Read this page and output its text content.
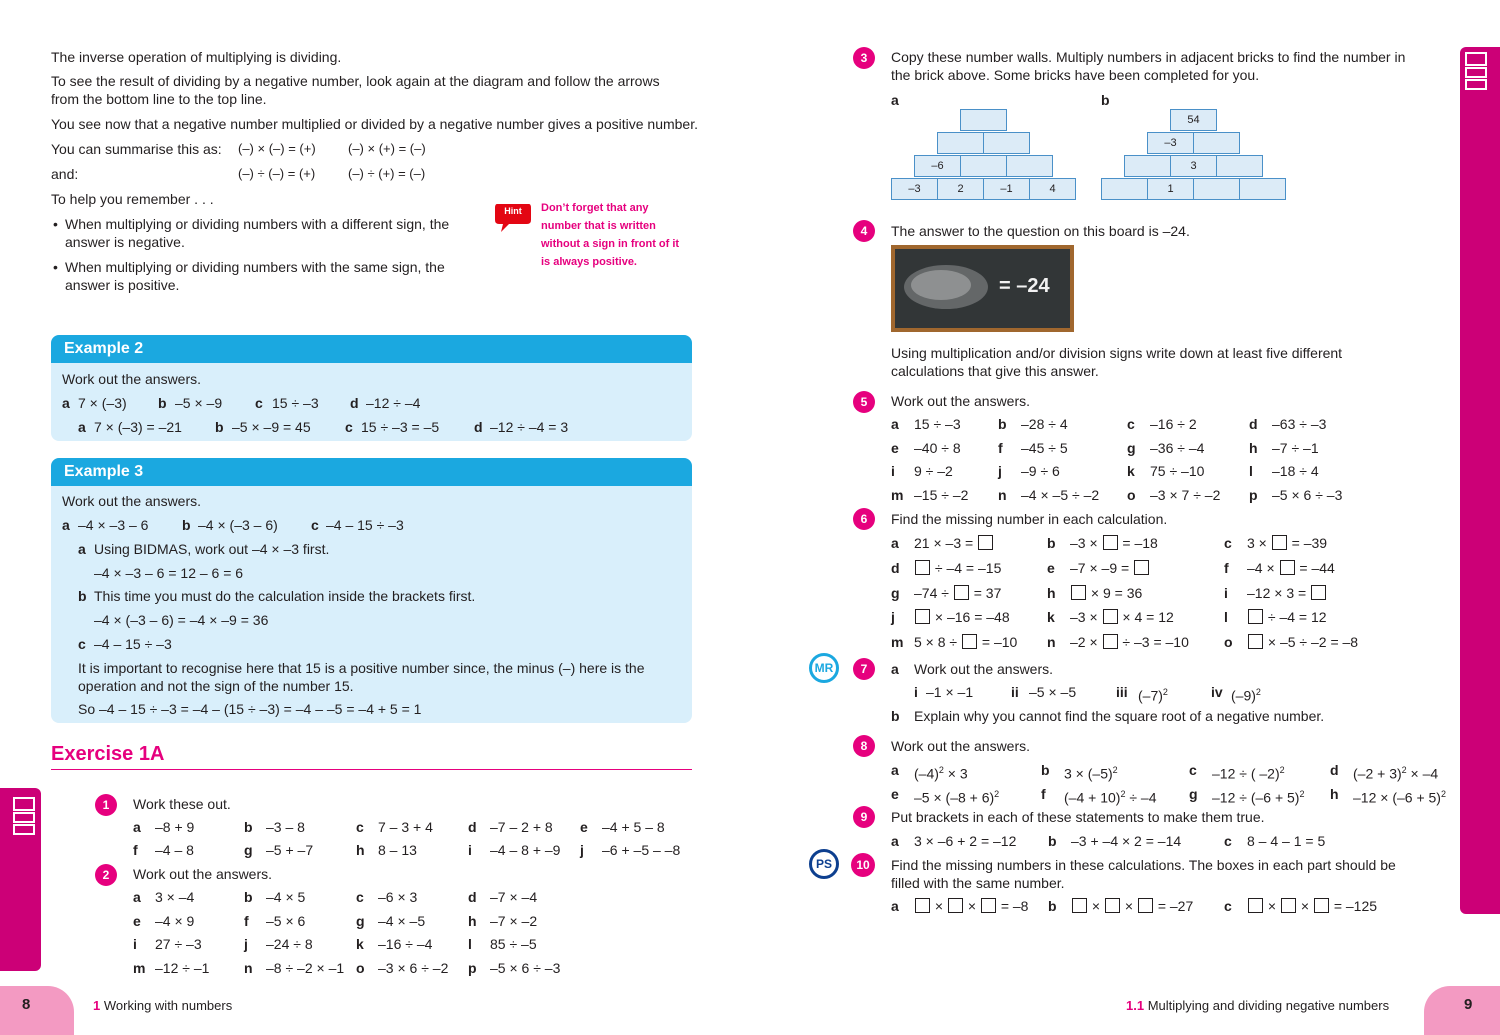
The inverse operation of multiplying is dividing.
To see the result of dividing by a negative number, look again at the diagram and follow the arrows
from the bottom line to the top line.
You see now that a negative number multiplied or divided by a negative number gives a positive number.
You can summarise this as: (–) × (–) = (+) (–) × (+) = (–)
and:	(–) ÷ (–) = (+)	(–) ÷ (+) = (–)
To help you remember . . .
• When multiplying or dividing numbers with a different sign, the
answer is negative.
• When multiplying or dividing numbers with the same sign, the
answer is positive.
Hint	Don’t forget that any
number that is written
without a sign in front of it
is always positive.
Example 2
Work out the answers.
a 7 × (–3) b –5 × –9 c 15 ÷ –3 d –12 ÷ –4
a 7 × (–3) = –21 b –5 × –9 = 45 c 15 ÷ –3 = –5 d –12 ÷ –4 = 3
Example 3
Work out the answers.
a –4 × –3 – 6 b –4 × (–3 – 6) c –4 – 15 ÷ –3
a Using BIDMAS, work out –4 × –3 first.
–4 × –3 – 6 = 12 – 6 = 6
b This time you must do the calculation inside the brackets first.
–4 × (–3 – 6) = –4 × –9 = 36
c –4 – 15 ÷ –3
It is important to recognise here that 15 is a positive number since, the minus (–) here is the
operation and not the sign of the number 15.
So –4 – 15 ÷ –3 = –4 – (15 ÷ –3) = –4 – –5 = –4 + 5 = 1
Exercise 1A
1	Work these out.
a –8 + 9	b –3 – 8	c 7 – 3 + 4	d –7 – 2 + 8 e –4 + 5 – 8
f –4 – 8	g –5 + –7	h 8 – 13	i –4 – 8 + –9 j –6 + –5 – –8
2	Work out the answers.
a 3 × –4	b –4 × 5	c –6 × 3	d –7 × –4
e –4 × 9	f –5 × 6	g –4 × –5	h –7 × –2
i 27 ÷ –3	j –24 ÷ 8	k –16 ÷ –4	l 85 ÷ –5
m –12 ÷ –1 n –8 ÷ –2 × –1 o –3 × 6 ÷ –2 p –5 × 6 ÷ –3
8	1 Working with numbers
3	Copy these number walls. Multiply numbers in adjacent bricks to find the number in
the brick above. Some bricks have been completed for you.
a	b
–6
–3	2	–1	4
54
–3
3
1
4	The answer to the question on this board is –24.
= –24
Using multiplication and/or division signs write down at least five different
calculations that give this answer.
5	Work out the answers.
a 15 ÷ –3	b –28 ÷ 4	c –16 ÷ 2	d –63 ÷ –3
e –40 ÷ 8	f –45 ÷ 5	g –36 ÷ –4	h –7 ÷ –1
i 9 ÷ –2	j –9 ÷ 6	k 75 ÷ –10	l –18 ÷ 4
m –15 ÷ –2 n –4 × –5 ÷ –2 o –3 × 7 ÷ –2 p –5 × 6 ÷ –3
6	Find the missing number in each calculation.
a 21 × –3 =	b –3 ×  = –18	c 3 ×  = –39
d	÷ –4 = –15	e –7 × –9 =	f –4 ×  = –44
g –74 ÷  = 37	h	× 9 = 36	i –12 × 3 =
j	× –16 = –48	k –3 ×  × 4 = 12	l	÷ –4 = 12
m 5 × 8 ÷  = –10 n –2 ×  ÷ –3 = –10	o	× –5 ÷ –2 = –8
MR	7	a Work out the answers.
i –1 × –1	ii –5 × –5	iii $(-7)^2$	iv $(-9)^2$
b Explain why you cannot find the square root of a negative number.
8	Work out the answers.
a $(-4)^2 \times 3$	b $3 \times (-5)^2$	c –12 ÷ ( –2)$^2$	d $(-2 + 3)^2 \times -4$
e $-5 \times (-8 + 6)^2$	f $(-4 + 10)^2 \div -4$ g $-12 \div (-6 + 5)^2$ h $-12 \times (-6 + 5)^2$
9	Put brackets in each of these statements to make them true.
a 3 × –6 + 2 = –12 b –3 + –4 × 2 = –14	c 8 – 4 – 1 = 5
PS	10	Find the missing numbers in these calculations. The boxes in each part should be
filled with the same number.
a	×  ×  = –8 b	×  ×  = –27 c	×  ×  = –125
1.1 Multiplying and dividing negative numbers	9
